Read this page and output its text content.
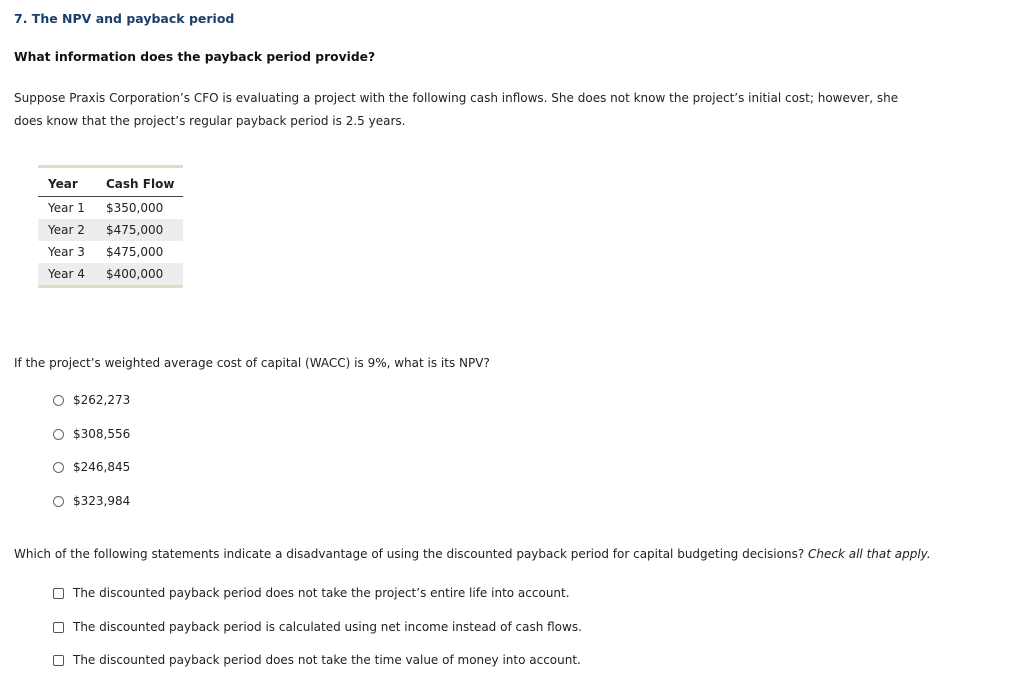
7. The NPV and payback period
What information does the payback period provide?
Suppose Praxis Corporation’s CFO is evaluating a project with the following cash inflows. She does not know the project’s initial cost; however, she does know that the project’s regular payback period is 2.5 years.
Year	Cash Flow
Year 1	$350,000
Year 2	$475,000
Year 3	$475,000
Year 4	$400,000
If the project’s weighted average cost of capital (WACC) is 9%, what is its NPV?
$262,273
$308,556
$246,845
$323,984
Which of the following statements indicate a disadvantage of using the discounted payback period for capital budgeting decisions? Check all that apply.
The discounted payback period does not take the project’s entire life into account.
The discounted payback period is calculated using net income instead of cash flows.
The discounted payback period does not take the time value of money into account.
